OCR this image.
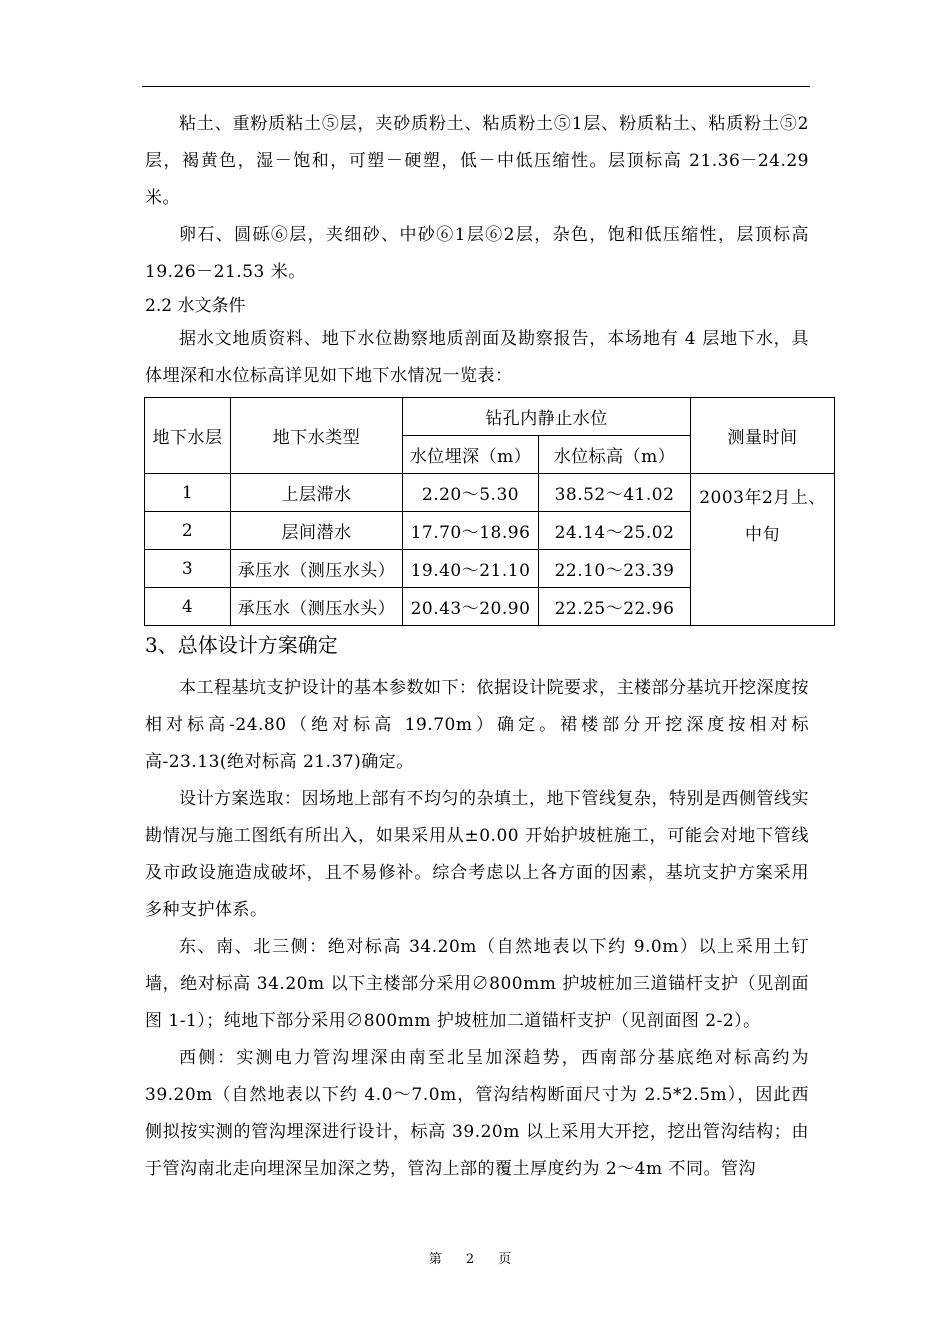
粘土、重粉质粘土⑤层，夹砂质粉土、粘质粉土⑤1层、粉质粘土、粘质粉土⑤2层，褐黄色，湿－饱和，可塑－硬塑，低－中低压缩性。层顶标高 21.36－24.29 米。

卵石、圆砾⑥层，夹细砂、中砂⑥1层⑥2层，杂色，饱和低压缩性，层顶标高 19.26－21.53 米。

2.2 水文条件

据水文地质资料、地下水位勘察地质剖面及勘察报告，本场地有 4 层地下水，具体埋深和水位标高详见如下地下水情况一览表：

地下水层	地下水类型	钻孔内静止水位		测量时间
		水位埋深（m）	水位标高（m）	
1	上层滞水	2.20～5.30	38.52～41.02	2003年2月上、
中旬

2	层间潜水	17.70～18.96	24.14～25.02	
3	承压水（测压水头）	19.40～21.10	22.10～23.39	
4	承压水（测压水头）	20.43～20.90	22.25～22.96	
3、总体设计方案确定

本工程基坑支护设计的基本参数如下：依据设计院要求，主楼部分基坑开挖深度按相对标高-24.80（绝对标高 19.70m）确定。裙楼部分开挖深度按相对标高-23.13(绝对标高 21.37)确定。

设计方案选取：因场地上部有不均匀的杂填土，地下管线复杂，特别是西侧管线实勘情况与施工图纸有所出入，如果采用从±0.00 开始护坡桩施工，可能会对地下管线及市政设施造成破坏，且不易修补。综合考虑以上各方面的因素，基坑支护方案采用多种支护体系。

东、南、北三侧：绝对标高 34.20m（自然地表以下约 9.0m）以上采用土钉墙，绝对标高 34.20m 以下主楼部分采用∅800mm 护坡桩加三道锚杆支护（见剖面图 1-1）；纯地下部分采用∅800mm 护坡桩加二道锚杆支护（见剖面图 2-2）。

西侧：实测电力管沟埋深由南至北呈加深趋势，西南部分基底绝对标高约为 39.20m（自然地表以下约 4.0～7.0m，管沟结构断面尺寸为 2.5*2.5m），因此西侧拟按实测的管沟埋深进行设计，标高 39.20m 以上采用大开挖，挖出管沟结构；由于管沟南北走向埋深呈加深之势，管沟上部的覆土厚度约为 2～4m 不同。管沟

第 2 页
